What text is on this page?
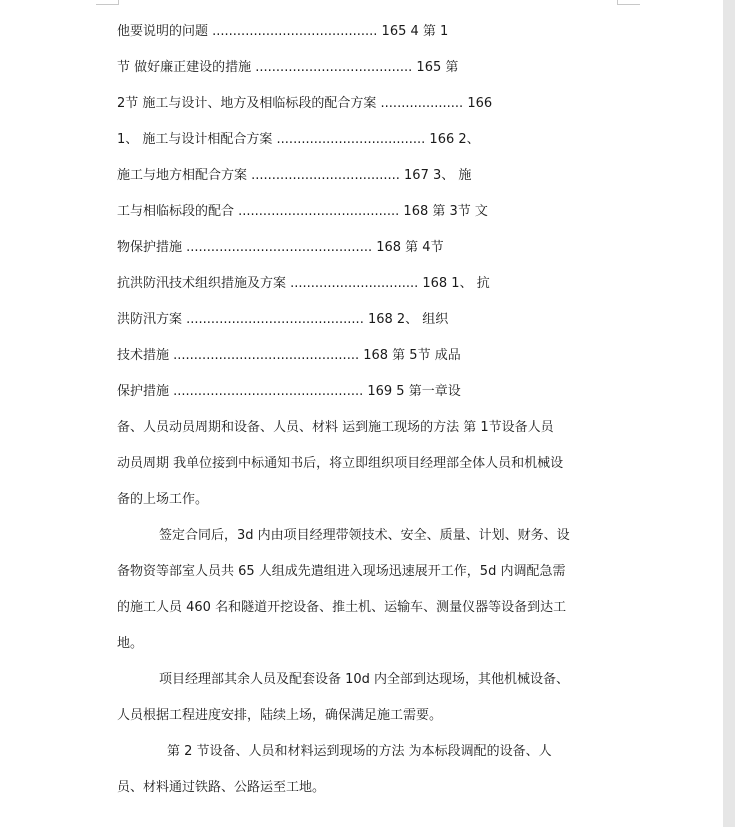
他要说明的问题 ........................................ 165 4 第 1
节 做好廉正建设的措施 ...................................... 165 第
2节 施工与设计、地方及相临标段的配合方案 .................... 166
1、 施工与设计相配合方案 .................................... 166 2、
施工与地方相配合方案 .................................... 167 3、 施
工与相临标段的配合 ....................................... 168 第 3节 文
物保护措施 ............................................. 168 第 4节
抗洪防汛技术组织措施及方案 ............................... 168 1、 抗
洪防汛方案 ........................................... 168 2、 组织
技术措施 ............................................. 168 第 5节 成品
保护措施 .............................................. 169 5 第一章设
备、人员动员周期和设备、人员、材料 运到施工现场的方法 第 1节设备人员
动员周期 我单位接到中标通知书后，将立即组织项目经理部全体人员和机械设
备的上场工作。
签定合同后，3d 内由项目经理带领技术、安全、质量、计划、财务、设
备物资等部室人员共 65 人组成先遣组进入现场迅速展开工作，5d 内调配急需
的施工人员 460 名和隧道开挖设备、推土机、运输车、测量仪器等设备到达工
地。
项目经理部其余人员及配套设备 10d 内全部到达现场，其他机械设备、
人员根据工程进度安排，陆续上场，确保满足施工需要。
第 2 节设备、人员和材料运到现场的方法 为本标段调配的设备、人
员、材料通过铁路、公路运至工地。
